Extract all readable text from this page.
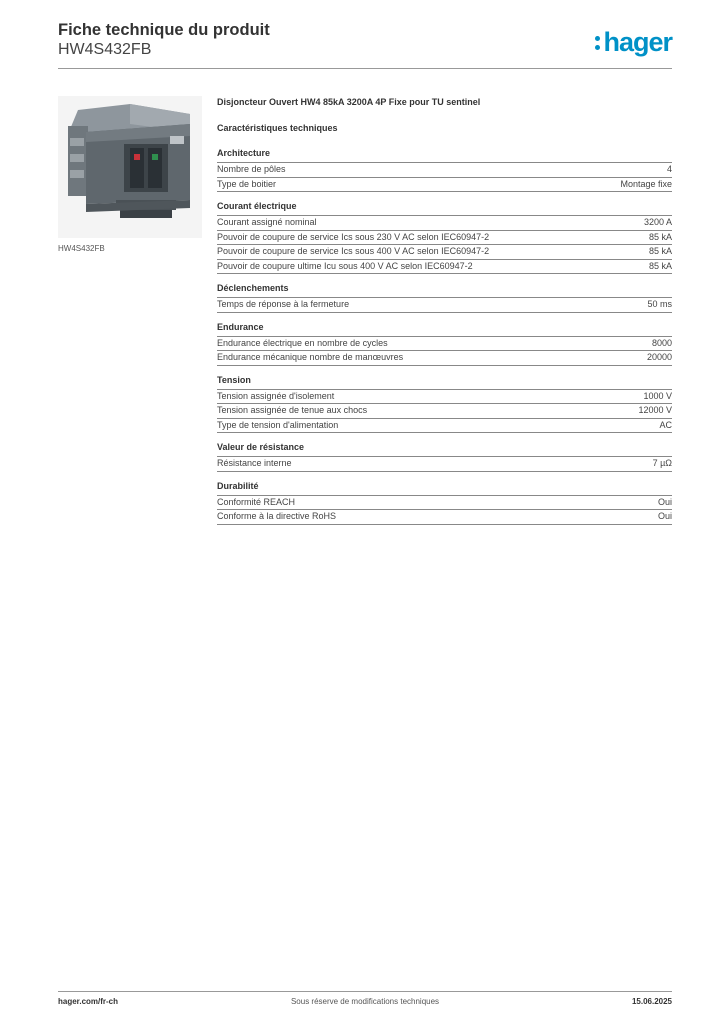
Fiche technique du produit
HW4S432FB	hager
HW4S432FB
Disjoncteur Ouvert HW4 85kA 3200A 4P Fixe pour TU sentinel
Caractéristiques techniques
Architecture
Nombre de pôles	4
Type de boitier	Montage fixe
Courant électrique
Courant assigné nominal	3200 A
Pouvoir de coupure de service Ics sous 230 V AC selon IEC60947-2	85 kA
Pouvoir de coupure de service Ics sous 400 V AC selon IEC60947-2	85 kA
Pouvoir de coupure ultime Icu sous 400 V AC selon IEC60947-2	85 kA
Déclenchements
Temps de réponse à la fermeture	50 ms
Endurance
Endurance électrique en nombre de cycles	8000
Endurance mécanique nombre de manœuvres	20000
Tension
Tension assignée d'isolement	1000 V
Tension assignée de tenue aux chocs	12000 V
Type de tension d'alimentation	AC
Valeur de résistance
Résistance interne	7 µΩ
Durabilité
Conformité REACH	Oui
Conforme à la directive RoHS	Oui
hager.com/fr-ch	Sous réserve de modifications techniques	15.06.2025
